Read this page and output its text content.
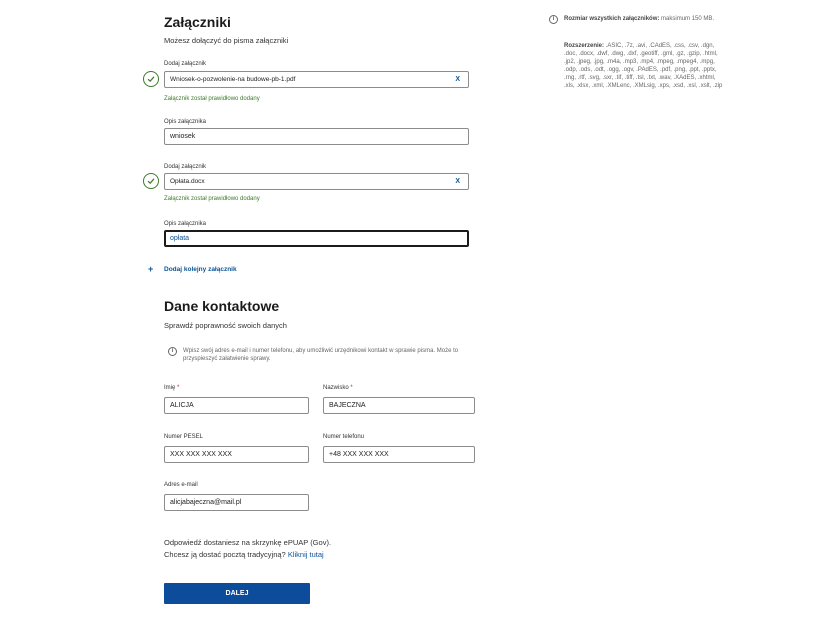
Załączniki
Możesz dołączyć do pisma załączniki
Dodaj załącznik
Wniosek-o-pozwolenie-na budowe-pb-1.pdf	X
Załącznik został prawidłowo dodany
Opis załącznika
wniosek
Dodaj załącznik
Opłata.docx	X
Załącznik został prawidłowo dodany
Opis załącznika
opłata
+ Dodaj kolejny załącznik
i	Rozmiar wszystkich załączników: maksimum 150 MB.
Rozszerzenie: .ASIC, .7z, .avi, .CAdES, .css, .csv, .dgn, .doc, .docx, .dwf, .dwg, .dxf, .geotiff, .gml, .gz, .gzip, .html, .jp2, .jpeg, .jpg, .m4a, .mp3, .mp4, .mpeg, .mpeg4, .mpg, .odp, .ods, .odt, .ogg, .ogv, .PAdES, .pdf, .png, .ppt, .pptx, .rng, .rtf, .svg, .sxr, .tif, .tiff, .tsl, .txt, .wav, .XAdES, .xhtml, .xls, .xlsx, .xml, .XMLenc, .XMLsig, .xps, .xsd, .xsl, .xslt, .zip
Dane kontaktowe
Sprawdź poprawność swoich danych
i	Wpisz swój adres e-mail i numer telefonu, aby umożliwić urzędnikowi kontakt w sprawie pisma. Może to przyspieszyć załatwienie sprawy.
Imię *
ALICJA
Nazwisko *
BAJECZNA
Numer PESEL
XXX XXX XXX XXX
Numer telefonu
+48 XXX XXX XXX
Adres e-mail
alicjabajeczna@mail.pl
Odpowiedź dostaniesz na skrzynkę ePUAP (Gov).
Chcesz ją dostać pocztą tradycyjną? Kliknij tutaj
DALEJ
